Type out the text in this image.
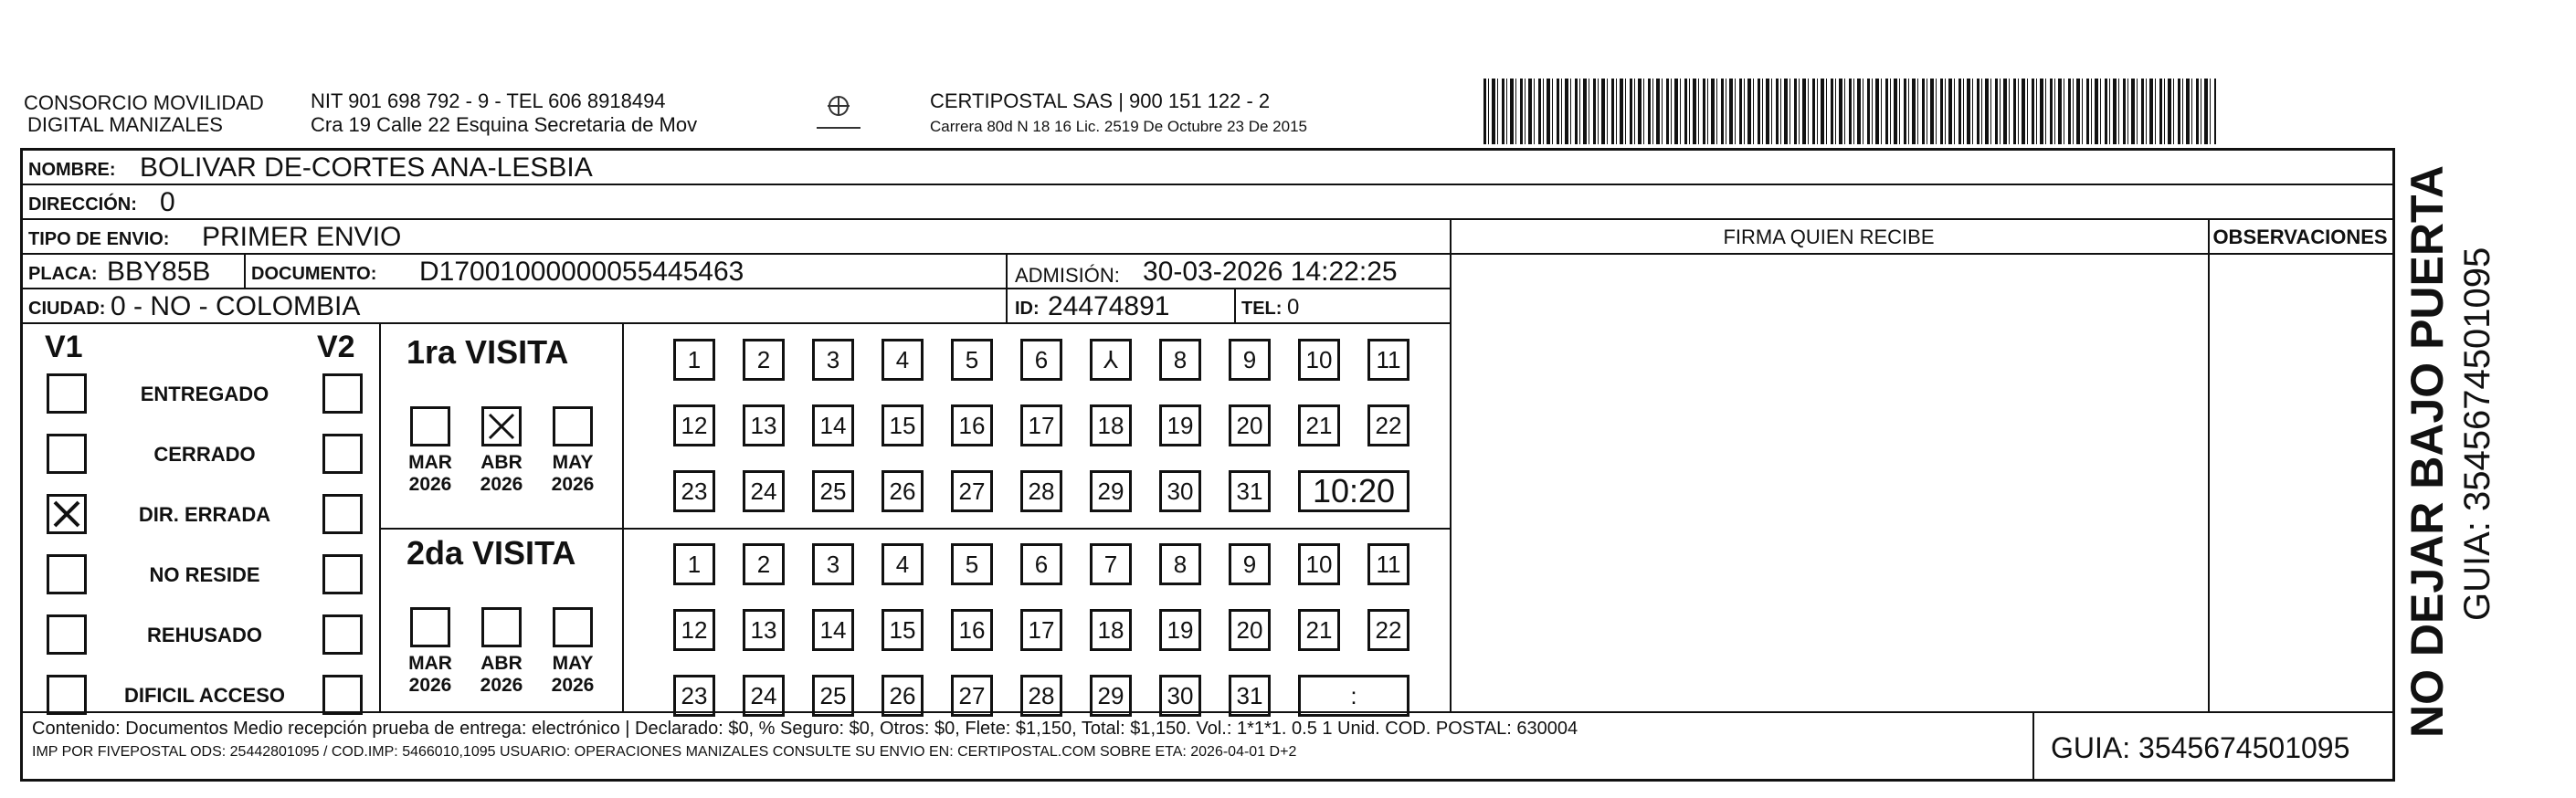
CONSORCIO MOVILIDAD
DIGITAL MANIZALES
NIT 901 698 792 - 9 - TEL 606 8918494
Cra 19 Calle 22 Esquina Secretaria de Mov
CERTIPOSTAL SAS | 900 151 122 - 2
Carrera 80d N 18 16 Lic. 2519 De Octubre 23 De 2015
NOMBRE: BOLIVAR DE-CORTES ANA-LESBIA
DIRECCIÓN: 0
TIPO DE ENVIO: PRIMER ENVIO
PLACA: BBY85B DOCUMENTO: D17001000000055445463	ADMISIÓN: 30-03-2026 14:22:25
CIUDAD: 0 - NO - COLOMBIA	ID: 24474891	TEL: 0
FIRMA QUIEN RECIBE	OBSERVACIONES
V1	V2
ENTREGADO
CERRADO
DIR. ERRADA
NO RESIDE
REHUSADO
DIFICIL ACCESO
1ra VISITA
2da VISITA
MAR
2026
ABR
2026
MAY
2026
MAR
2026
ABR
2026
MAY
2026
1	2	3	4	5	6	⅄	8	9	10	11
12	13	14	15	16	17	18	19	20	21	22
23	24	25	26	27	28	29	30	31	10:20
1	2	3	4	5	6	7	8	9	10	11
12	13	14	15	16	17	18	19	20	21	22
23	24	25	26	27	28	29	30	31	:
Contenido: Documentos Medio recepción prueba de entrega: electrónico | Declarado: $0, % Seguro: $0, Otros: $0, Flete: $1,150, Total: $1,150. Vol.: 1*1*1. 0.5 1 Unid. COD. POSTAL: 630004
IMP POR FIVEPOSTAL ODS: 25442801095 / COD.IMP: 5466010,1095 USUARIO: OPERACIONES MANIZALES CONSULTE SU ENVIO EN: CERTIPOSTAL.COM SOBRE ETA: 2026-04-01 D+2	GUIA: 3545674501095
NO DEJAR BAJO PUERTA GUIA: 3545674501095
